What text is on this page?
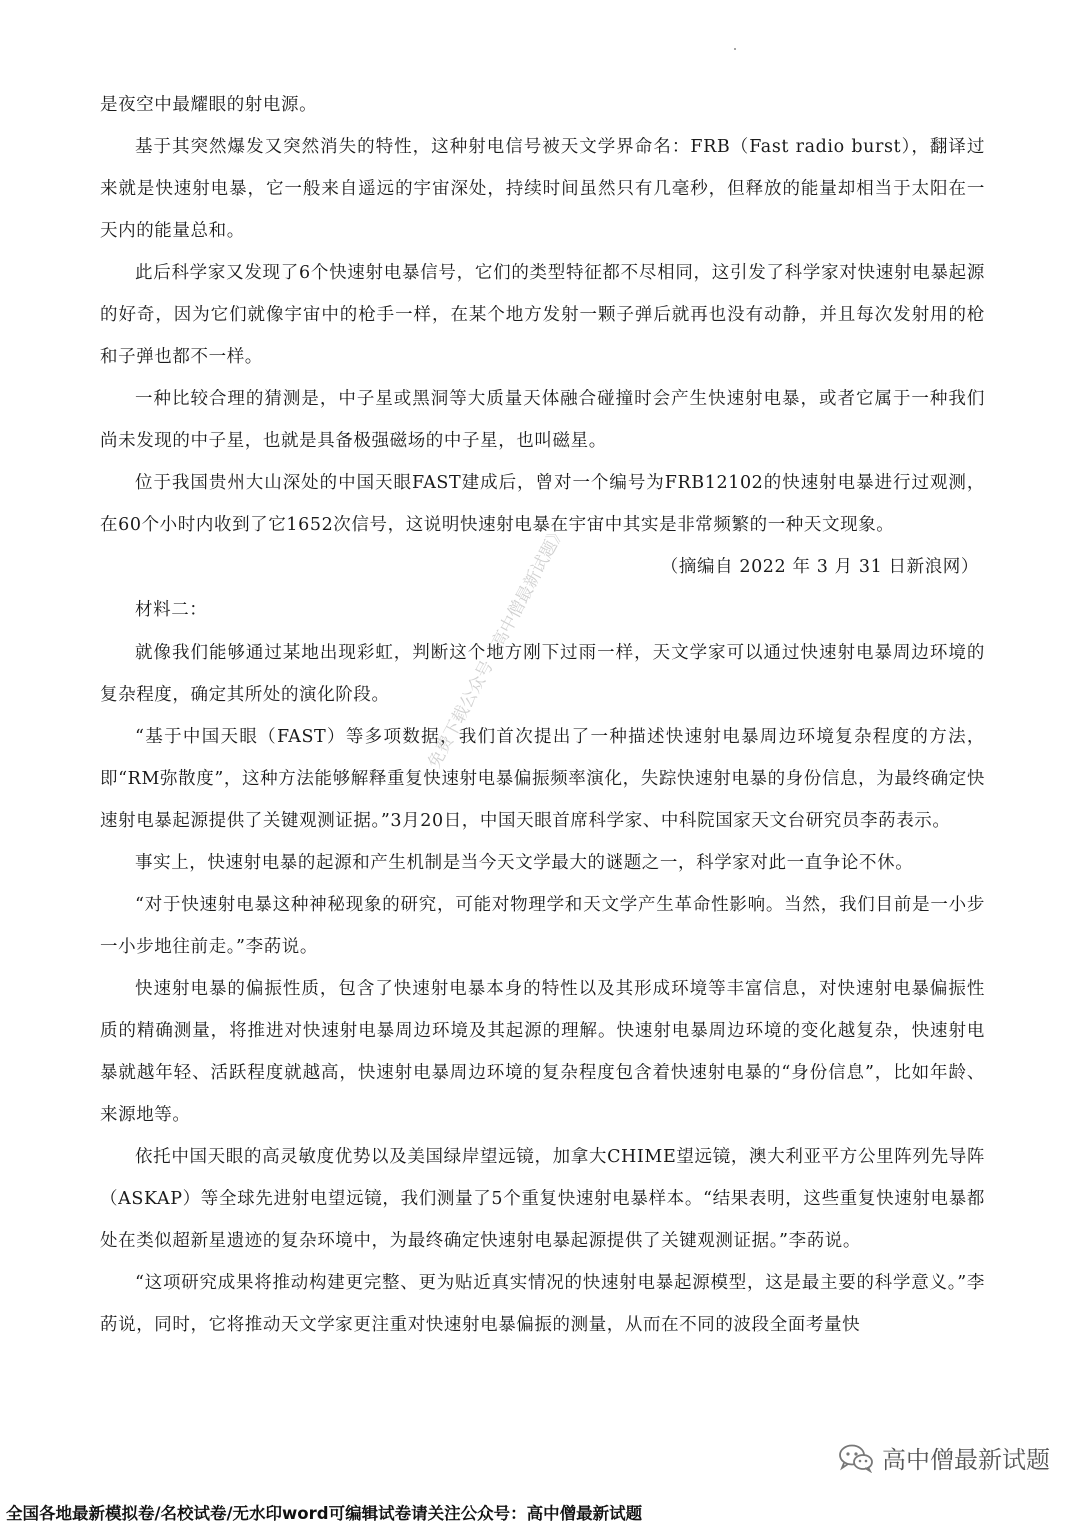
是夜空中最耀眼的射电源。

基于其突然爆发又突然消失的特性，这种射电信号被天文学界命名：FRB（Fast radio burst），翻译过来就是快速射电暴，它一般来自遥远的宇宙深处，持续时间虽然只有几毫秒，但释放的能量却相当于太阳在一天内的能量总和。

此后科学家又发现了6个快速射电暴信号，它们的类型特征都不尽相同，这引发了科学家对快速射电暴起源的好奇，因为它们就像宇宙中的枪手一样，在某个地方发射一颗子弹后就再也没有动静，并且每次发射用的枪和子弹也都不一样。

一种比较合理的猜测是，中子星或黑洞等大质量天体融合碰撞时会产生快速射电暴，或者它属于一种我们尚未发现的中子星，也就是具备极强磁场的中子星，也叫磁星。

位于我国贵州大山深处的中国天眼FAST建成后，曾对一个编号为FRB12102的快速射电暴进行过观测，在60个小时内收到了它1652次信号，这说明快速射电暴在宇宙中其实是非常频繁的一种天文现象。

（摘编自 2022 年 3 月 31 日新浪网）

材料二：

就像我们能够通过某地出现彩虹，判断这个地方刚下过雨一样，天文学家可以通过快速射电暴周边环境的复杂程度，确定其所处的演化阶段。

“基于中国天眼（FAST）等多项数据，我们首次提出了一种描述快速射电暴周边环境复杂程度的方法，即“RM弥散度”，这种方法能够解释重复快速射电暴偏振频率演化，失踪快速射电暴的身份信息，为最终确定快速射电暴起源提供了关键观测证据。”3月20日，中国天眼首席科学家、中科院国家天文台研究员李菂表示。

事实上，快速射电暴的起源和产生机制是当今天文学最大的谜题之一，科学家对此一直争论不休。

“对于快速射电暴这种神秘现象的研究，可能对物理学和天文学产生革命性影响。当然，我们目前是一小步一小步地往前走。”李菂说。

快速射电暴的偏振性质，包含了快速射电暴本身的特性以及其形成环境等丰富信息，对快速射电暴偏振性质的精确测量，将推进对快速射电暴周边环境及其起源的理解。快速射电暴周边环境的变化越复杂，快速射电暴就越年轻、活跃程度就越高，快速射电暴周边环境的复杂程度包含着快速射电暴的“身份信息”，比如年龄、来源地等。

依托中国天眼的高灵敏度优势以及美国绿岸望远镜，加拿大CHIME望远镜，澳大利亚平方公里阵列先导阵（ASKAP）等全球先进射电望远镜，我们测量了5个重复快速射电暴样本。“结果表明，这些重复快速射电暴都处在类似超新星遗迹的复杂环境中，为最终确定快速射电暴起源提供了关键观测证据。”李菂说。

“这项研究成果将推动构建更完整、更为贴近真实情况的快速射电暴起源模型，这是最主要的科学意义。”李菂说，同时，它将推动天文学家更注重对快速射电暴偏振的测量，从而在不同的波段全面考量快

免费下载公众号《高中僧最新试题》
高中僧最新试题
全国各地最新模拟卷/名校试卷/无水印word可编辑试卷请关注公众号：高中僧最新试题
